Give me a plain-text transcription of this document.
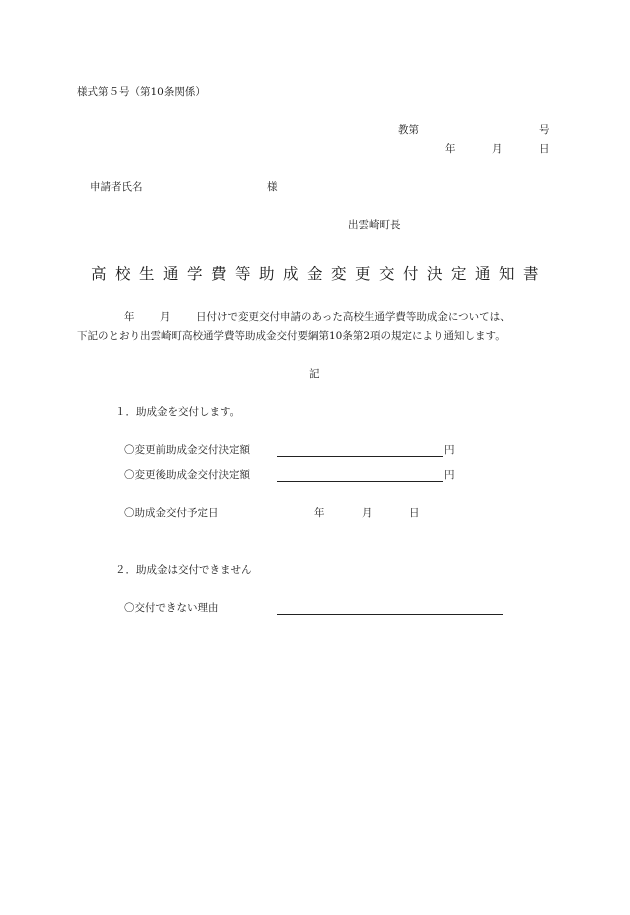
様式第５号（第10条関係）
教第	号
年	月	日
申請者氏名	様
出雲崎町長
高校生通学費等助成金変更交付決定通知書
年 月 日付けで変更交付申請のあった高校生通学費等助成金については、
下記のとおり出雲崎町高校通学費等助成金交付要綱第10条第2項の規定により通知します。
記
１．助成金を交付します。
〇変更前助成金交付決定額	円
〇変更後助成金交付決定額	円
〇助成金交付予定日	年	月	日
２．助成金は交付できません
〇交付できない理由
